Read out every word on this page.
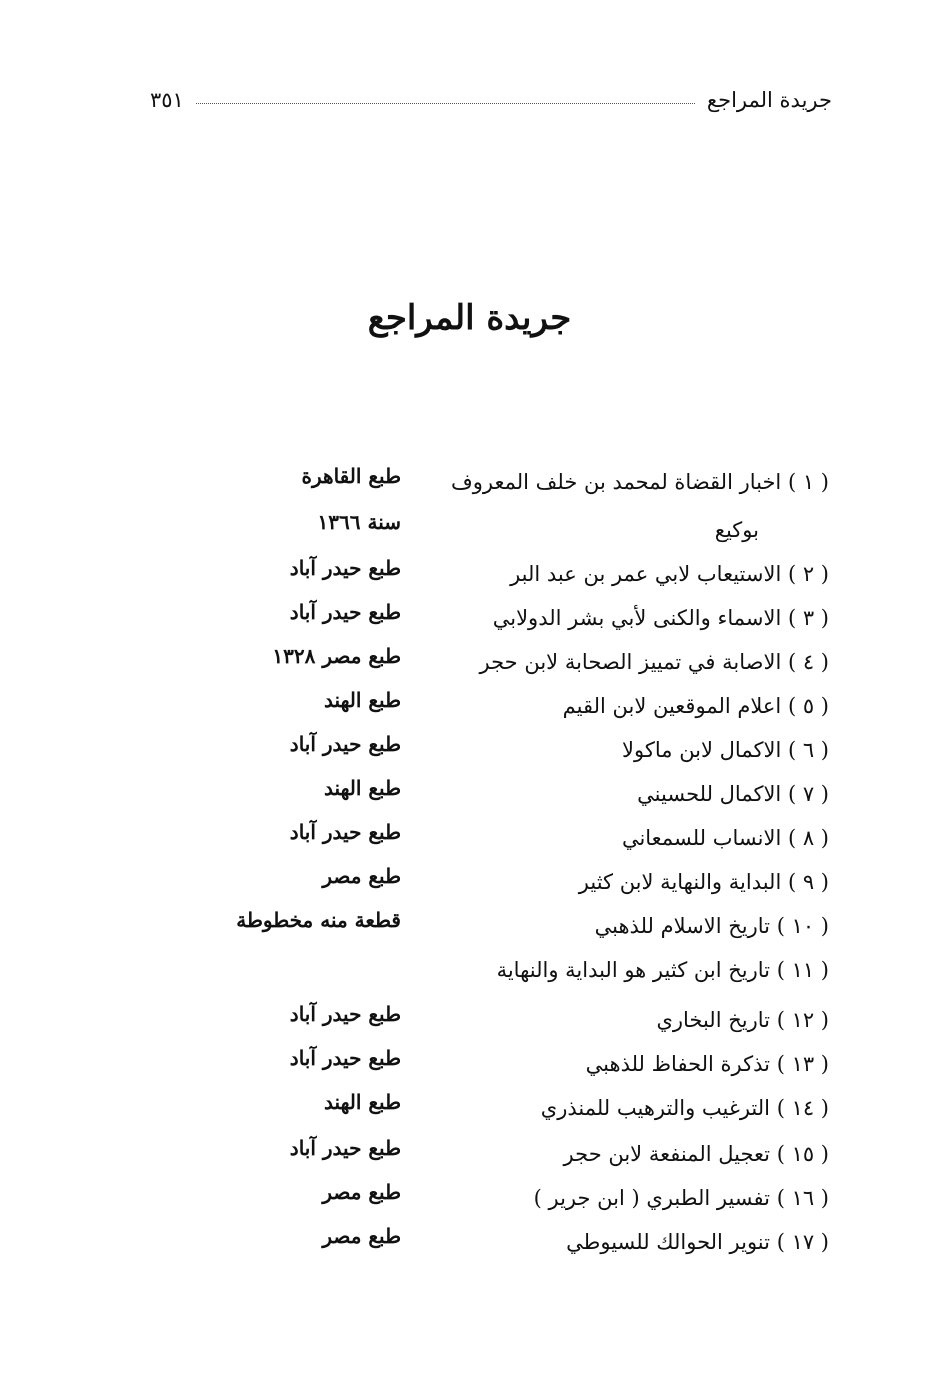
جريدة المراجع
٣٥١
جريدة المراجع
( ١ ) اخبار القضاة لمحمد بن خلف المعروف
طبع القاهرة
بوكيع
سنة ١٣٦٦
( ٢ ) الاستيعاب لابي عمر بن عبد البر
طبع حيدر آباد
( ٣ ) الاسماء والكنى لأبي بشر الدولابي
طبع حيدر آباد
( ٤ ) الاصابة في تمييز الصحابة لابن حجر
طبع مصر ١٣٢٨
( ٥ ) اعلام الموقعين لابن القيم
طبع الهند
( ٦ ) الاكمال لابن ماكولا
طبع حيدر آباد
( ٧ ) الاكمال للحسيني
طبع الهند
( ٨ ) الانساب للسمعاني
طبع حيدر آباد
( ٩ ) البداية والنهاية لابن كثير
طبع مصر
( ١٠ ) تاريخ الاسلام للذهبي
قطعة منه مخطوطة
( ١١ ) تاريخ ابن كثير هو البداية والنهاية
( ١٢ ) تاريخ البخاري
طبع حيدر آباد
( ١٣ ) تذكرة الحفاظ للذهبي
طبع حيدر آباد
( ١٤ ) الترغيب والترهيب للمنذري
طبع الهند
( ١٥ ) تعجيل المنفعة لابن حجر
طبع حيدر آباد
( ١٦ ) تفسير الطبري ( ابن جرير )
طبع مصر
( ١٧ ) تنوير الحوالك للسيوطي
طبع مصر
